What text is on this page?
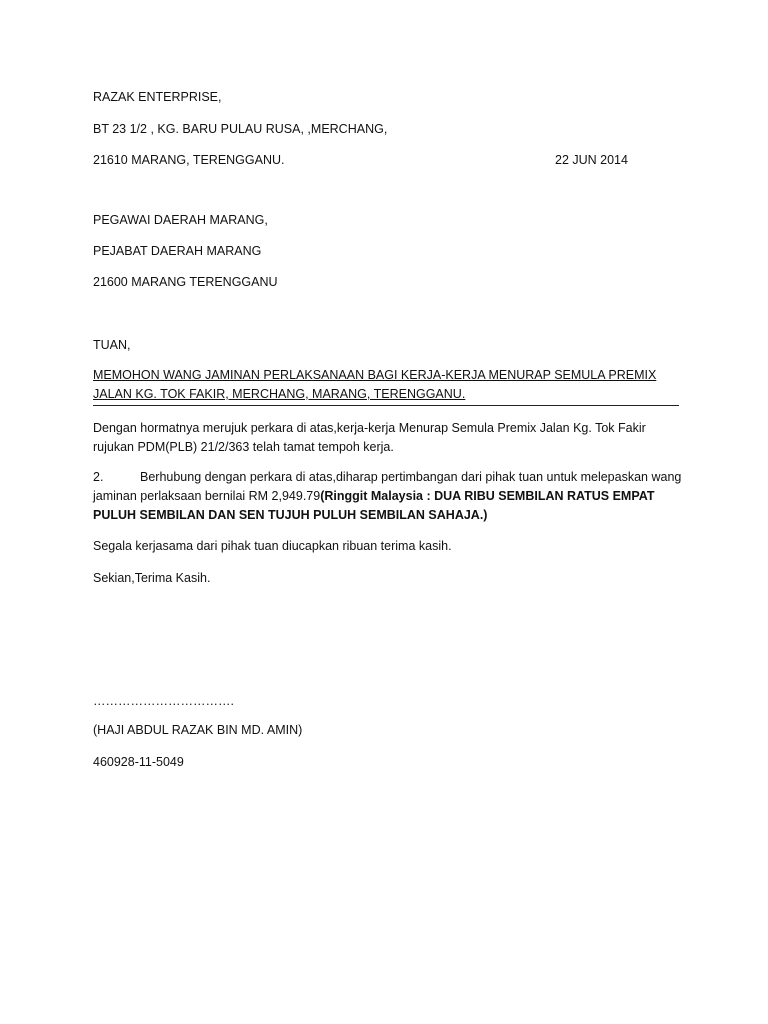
RAZAK ENTERPRISE,
BT 23 1/2 , KG. BARU PULAU RUSA, ,MERCHANG,
21610 MARANG, TERENGGANU.	22 JUN 2014
PEGAWAI DAERAH MARANG,
PEJABAT DAERAH MARANG
21600 MARANG TERENGGANU
TUAN,
MEMOHON WANG JAMINAN PERLAKSANAAN BAGI KERJA-KERJA MENURAP SEMULA PREMIX JALAN KG. TOK FAKIR, MERCHANG, MARANG, TERENGGANU.
Dengan hormatnya merujuk perkara di atas,kerja-kerja Menurap Semula Premix Jalan Kg. Tok Fakir rujukan PDM(PLB) 21/2/363 telah tamat tempoh kerja.
2.	Berhubung dengan perkara di atas,diharap pertimbangan dari pihak tuan untuk melepaskan wang jaminan perlaksaan bernilai RM 2,949.79(Ringgit Malaysia : DUA RIBU SEMBILAN RATUS EMPAT PULUH SEMBILAN DAN SEN TUJUH PULUH SEMBILAN SAHAJA.)
Segala kerjasama dari pihak tuan diucapkan ribuan terima kasih.
Sekian,Terima Kasih.
…………………………….
(HAJI ABDUL RAZAK BIN MD. AMIN)
460928-11-5049
